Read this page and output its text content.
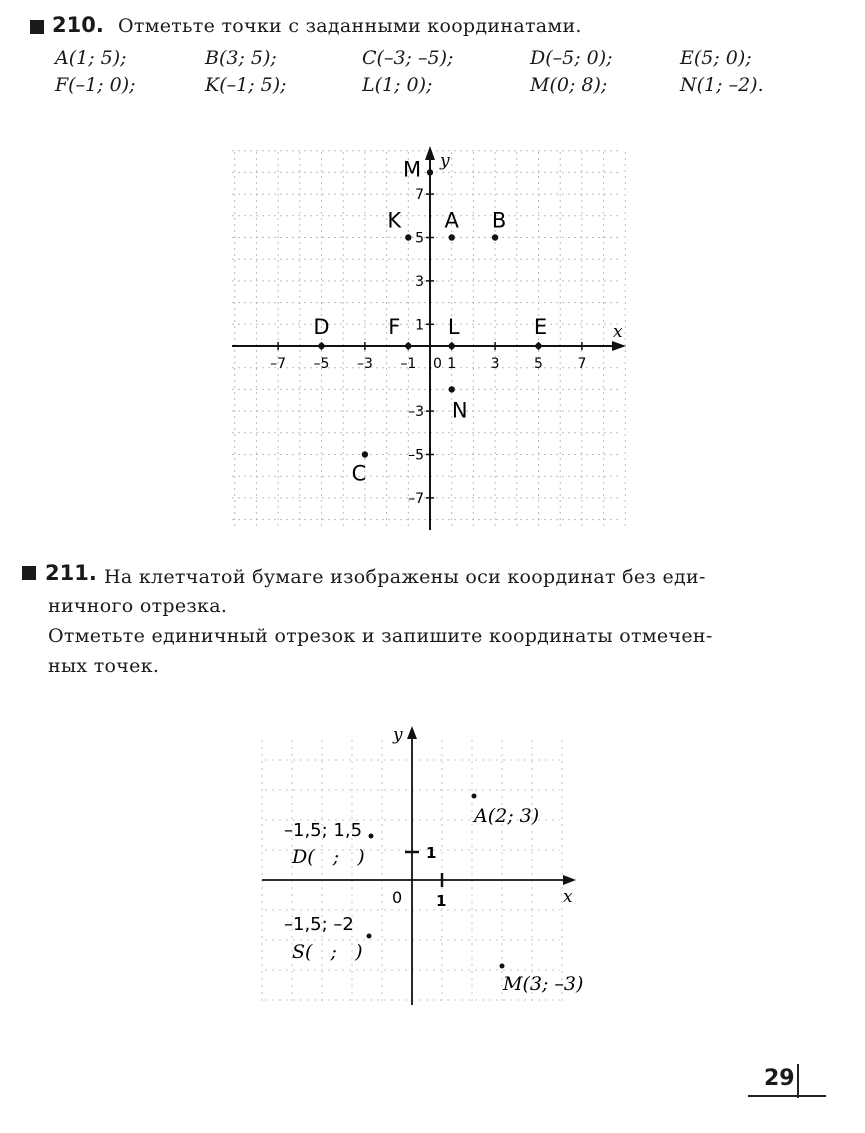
210. Отметьте точки с заданными координатами.
A(1; 5);	B(3; 5);	C(–3; –5);	D(–5; 0);	E(5; 0);
F(–1; 0);	K(–1; 5);	L(1; 0);	M(0; 8);	N(1; –2).
x
y
0
–7 –5 –3 –1 1 3 5 7
7
5
3
1
–3
–5
–7
A B
C
D	E
F
K
L
M
N
211. На клетчатой бумаге изображены оси координат без еди-
ничного отрезка.
Отметьте единичный отрезок и запишите координаты отмечен-
ных точек.
x
y
0 1
1
A(2; 3)
M(3; –3)
–1,5; 1,5
D(   ;   )
–1,5; –2
S(   ;   )
29
